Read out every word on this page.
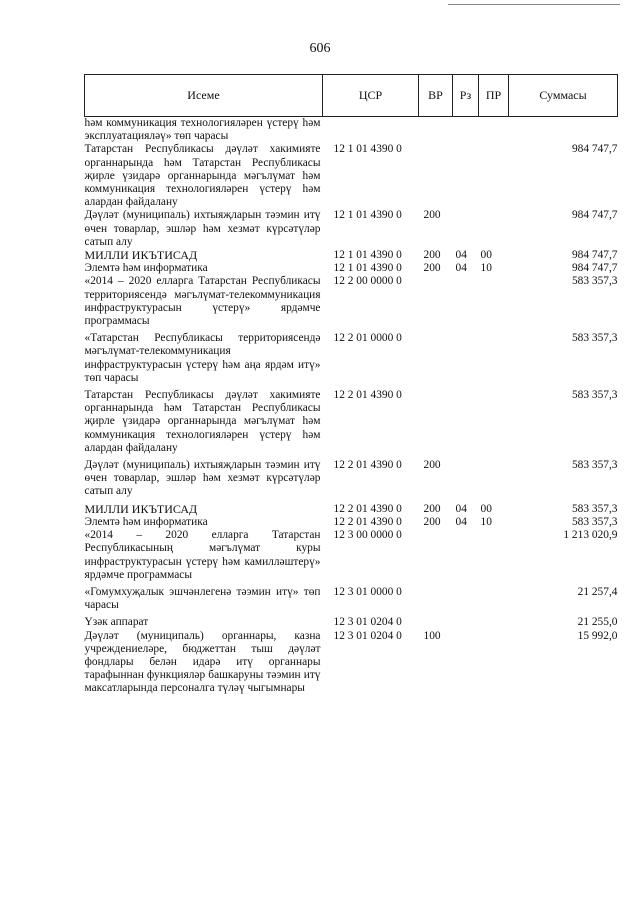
606
Исеме	ЦСР	ВР	Рз	ПР	Суммасы
һәм коммуникация технологияләрен үстерү һәм эксплуатацияләү» төп чарасы					
Татарстан Республикасы дәүләт хакимияте органнарында һәм Татарстан Республикасы җирле үзидарә органнарында мәгълүмат һәм коммуникация технологияләрен үстерү һәм алардан файдалану	12 1 01 4390 0				984 747,7
Дәүләт (муниципаль) ихтыяҗларын тәэмин итү өчен товарлар, эшләр һәм хезмәт күрсәтүләр сатып алу	12 1 01 4390 0	200			984 747,7
МИЛЛИ ИКЪТИСАД	12 1 01 4390 0	200	04	00	984 747,7
Элемтә һәм информатика	12 1 01 4390 0	200	04	10	984 747,7
«2014 – 2020 елларга Татарстан Республикасы территориясендә мәгълүмат-телекоммуникация инфраструктурасын үстерү» ярдәмче программасы	12 2 00 0000 0				583 357,3
«Татарстан Республикасы территориясендә мәгълүмат-телекоммуникация инфраструктурасын үстерү һәм аңа ярдәм итү» төп чарасы	12 2 01 0000 0				583 357,3
Татарстан Республикасы дәүләт хакимияте органнарында һәм Татарстан Республикасы җирле үзидарә органнарында мәгълүмат һәм коммуникация технологияләрен үстерү һәм алардан файдалану	12 2 01 4390 0				583 357,3
Дәүләт (муниципаль) ихтыяҗларын тәэмин итү өчен товарлар, эшләр һәм хезмәт күрсәтүләр сатып алу	12 2 01 4390 0	200			583 357,3
МИЛЛИ ИКЪТИСАД	12 2 01 4390 0	200	04	00	583 357,3
Элемтә һәм информатика	12 2 01 4390 0	200	04	10	583 357,3
«2014 – 2020 елларга Татарстан Республикасының мәгълүмат куры инфраструктурасын үстерү һәм камилләштерү» ярдәмче программасы	12 3 00 0000 0				1 213 020,9
«Гомумхуҗалык эшчәнлегенә тәэмин итү» төп чарасы	12 3 01 0000 0				21 257,4
Үзәк аппарат	12 3 01 0204 0				21 255,0
Дәүләт (муниципаль) органнары, казна учреждениеләре, бюджеттан тыш дәүләт фондлары белән идарә итү органнары тарафыннан функцияләр башкаруны тәэмин итү максатларында персоналга түләү чыгымнары	12 3 01 0204 0	100			15 992,0
